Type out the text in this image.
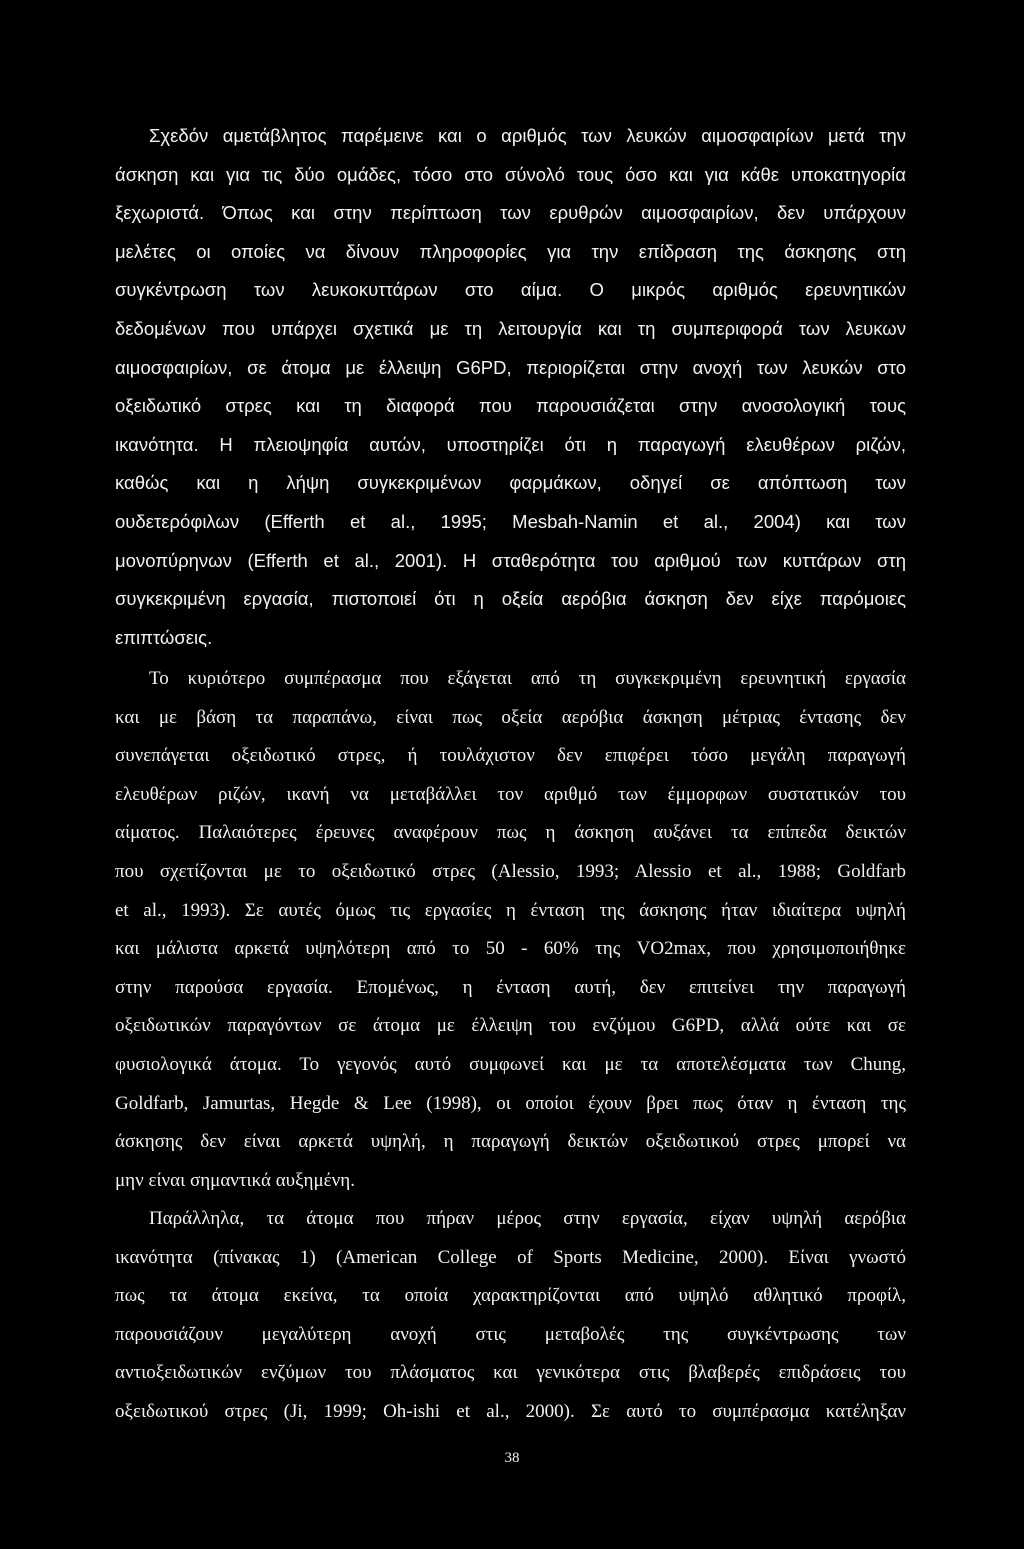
Σχεδόν αμετάβλητος παρέμεινε και ο αριθμός των λευκών αιμοσφαιρίων μετά την
άσκηση και για τις δύο ομάδες, τόσο στο σύνολό τους όσο και για κάθε υποκατηγορία
ξεχωριστά. Όπως και στην περίπτωση των ερυθρών αιμοσφαιρίων, δεν υπάρχουν
μελέτες οι οποίες να δίνουν πληροφορίες για την επίδραση της άσκησης στη
συγκέντρωση των λευκοκυττάρων στο αίμα. Ο μικρός αριθμός ερευνητικών
δεδομένων που υπάρχει σχετικά με τη λειτουργία και τη συμπεριφορά των λευκων
αιμοσφαιρίων, σε άτομα με έλλειψη G6PD, περιορίζεται στην ανοχή των λευκών στο
οξειδωτικό στρες και τη διαφορά που παρουσιάζεται στην ανοσολογική τους
ικανότητα. Η πλειοψηφία αυτών, υποστηρίζει ότι η παραγωγή ελευθέρων ριζών,
καθώς και η λήψη συγκεκριμένων φαρμάκων, οδηγεί σε απόπτωση των
ουδετερόφιλων (Efferth et al., 1995; Mesbah-Namin et al., 2004) και των
μονοπύρηνων (Efferth et al., 2001). Η σταθερότητα του αριθμού των κυττάρων στη
συγκεκριμένη εργασία, πιστοποιεί ότι η οξεία αερόβια άσκηση δεν είχε παρόμοιες
επιπτώσεις.
Το κυριότερο συμπέρασμα που εξάγεται από τη συγκεκριμένη ερευνητική εργασία
και με βάση τα παραπάνω, είναι πως οξεία αερόβια άσκηση μέτριας έντασης δεν
συνεπάγεται οξειδωτικό στρες, ή τουλάχιστον δεν επιφέρει τόσο μεγάλη παραγωγή
ελευθέρων ριζών, ικανή να μεταβάλλει τον αριθμό των έμμορφων συστατικών του
αίματος. Παλαιότερες έρευνες αναφέρουν πως η άσκηση αυξάνει τα επίπεδα δεικτών
που σχετίζονται με το οξειδωτικό στρες (Alessio, 1993; Alessio et al., 1988; Goldfarb
et al., 1993). Σε αυτές όμως τις εργασίες η ένταση της άσκησης ήταν ιδιαίτερα υψηλή
και μάλιστα αρκετά υψηλότερη από το 50 - 60% της VO2max, που χρησιμοποιήθηκε
στην παρούσα εργασία. Επομένως, η ένταση αυτή, δεν επιτείνει την παραγωγή
οξειδωτικών παραγόντων σε άτομα με έλλειψη του ενζύμου G6PD, αλλά ούτε και σε
φυσιολογικά άτομα. Το γεγονός αυτό συμφωνεί και με τα αποτελέσματα των Chung,
Goldfarb, Jamurtas, Hegde & Lee (1998), οι οποίοι έχουν βρει πως όταν η ένταση της
άσκησης δεν είναι αρκετά υψηλή, η παραγωγή δεικτών οξειδωτικού στρες μπορεί να
μην είναι σημαντικά αυξημένη.
Παράλληλα, τα άτομα που πήραν μέρος στην εργασία, είχαν υψηλή αερόβια
ικανότητα (πίνακας 1) (American College of Sports Medicine, 2000). Είναι γνωστό
πως τα άτομα εκείνα, τα οποία χαρακτηρίζονται από υψηλό αθλητικό προφίλ,
παρουσιάζουν μεγαλύτερη ανοχή στις μεταβολές της συγκέντρωσης των
αντιοξειδωτικών ενζύμων του πλάσματος και γενικότερα στις βλαβερές επιδράσεις του
οξειδωτικού στρες (Ji, 1999; Oh-ishi et al., 2000). Σε αυτό το συμπέρασμα κατέληξαν
38
